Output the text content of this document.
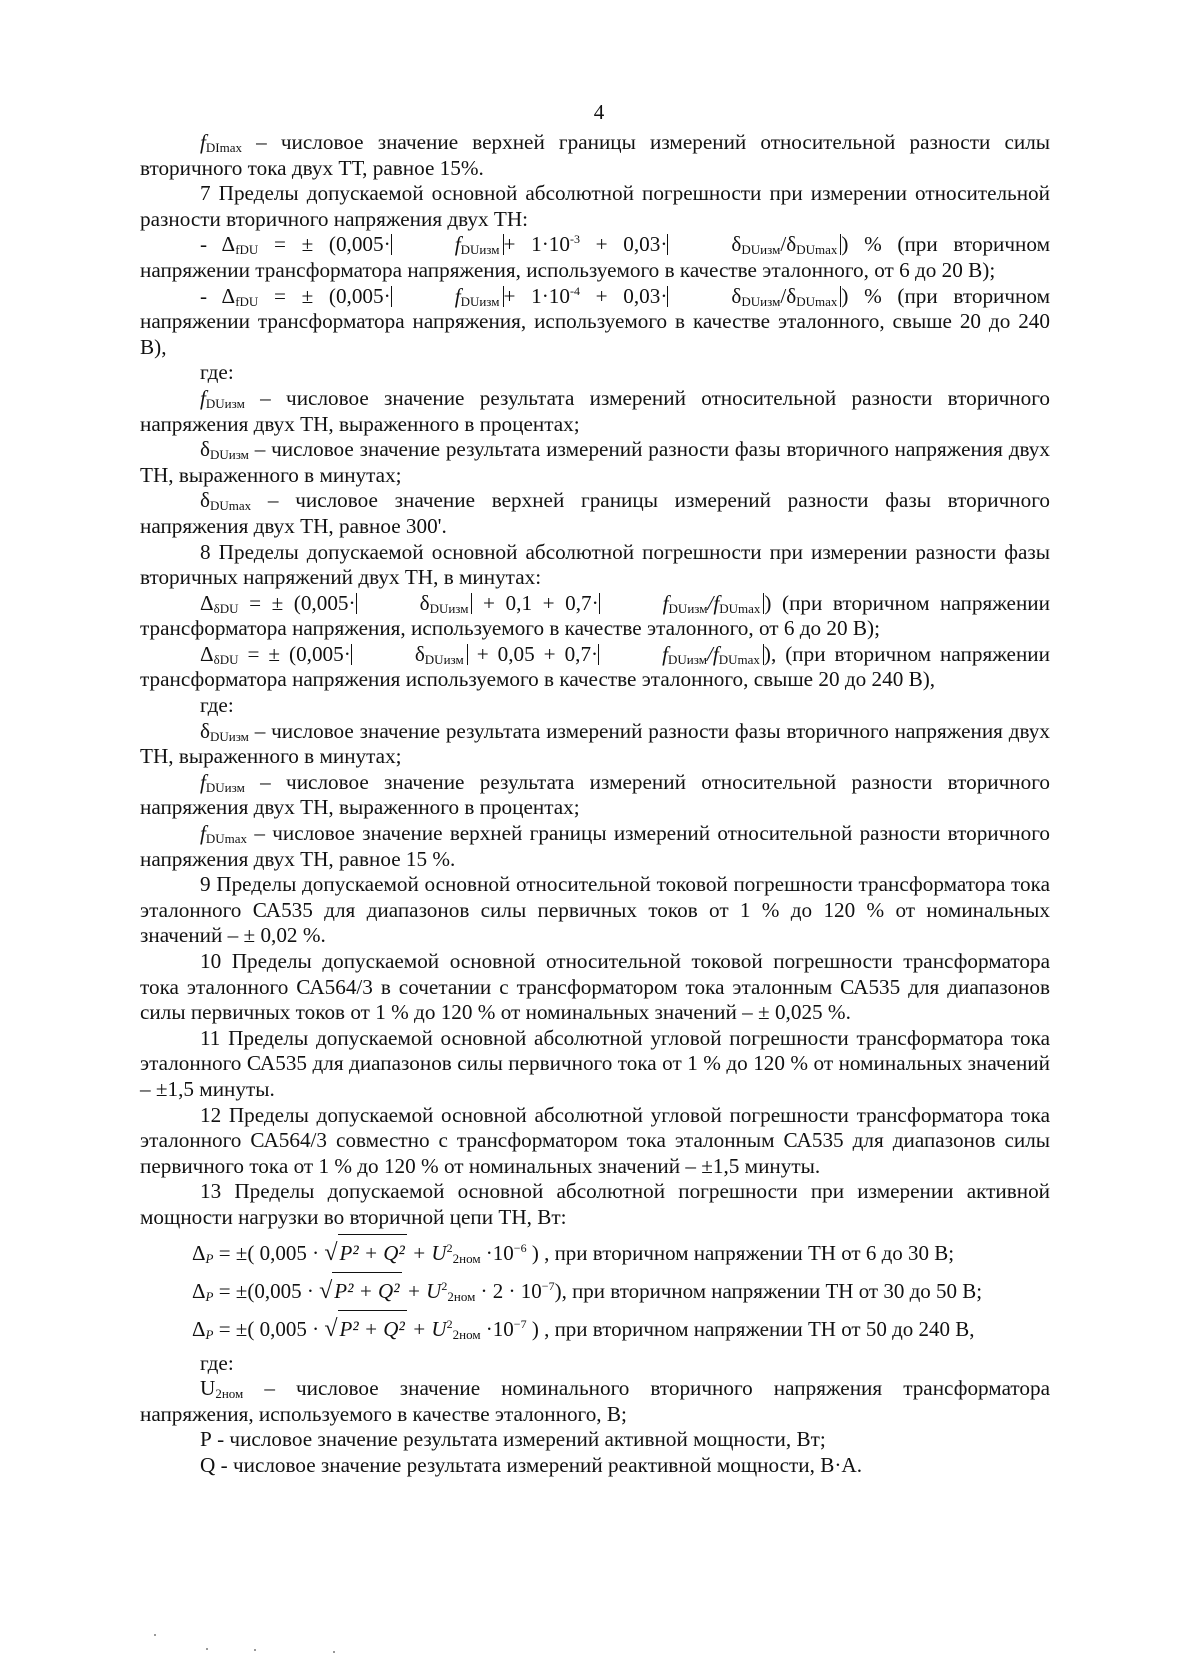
4

$f_{DImax}$ – числовое значение верхней границы измерений относительной разности силы вторичного тока двух ТТ, равное 15%.

7 Пределы допускаемой основной абсолютной погрешности при измерении относительной разности вторичного напряжения двух ТН:

- $\Delta_{fDU}$ = ± (0,005·	$f_{DUизм} + 1\cdot 10^{-3} + 0,03\cdot$	$\delta_{DUизм}/\delta_{DUmax}$ ) % (при вторичном напряжении трансформатора напряжения, используемого в качестве эталонного, от 6 до 20 В);

- $\Delta_{fDU}$ = ± (0,005·	$f_{DUизм} + 1\cdot 10^{-4} + 0,03\cdot$	$\delta_{DUизм}/\delta_{DUmax}$ ) % (при вторичном напряжении трансформатора напряжения, используемого в качестве эталонного, свыше 20 до 240 В),

где:

$f_{DUизм}$ – числовое значение результата измерений относительной разности вторичного напряжения двух ТН, выраженного в процентах;

$\delta_{DUизм}$ – числовое значение результата измерений разности фазы вторичного напряжения двух ТН, выраженного в минутах;

$\delta_{DUmax}$ – числовое значение верхней границы измерений разности фазы вторичного напряжения двух ТН, равное 300'.

8 Пределы допускаемой основной абсолютной погрешности при измерении разности фазы вторичных напряжений двух ТН, в минутах:

$\Delta_{\delta DU}$ = ± (0,005·	$\delta_{DUизм} + 0,1 + 0,7\cdot$	$f_{DUизм}/f_{DUmax}$ ) (при вторичном напряжении трансформатора напряжения, используемого в качестве эталонного, от 6 до 20 В);

$\Delta_{\delta DU}$ = ± (0,005·	$\delta_{DUизм} + 0,05 + 0,7\cdot$	$f_{DUизм}/f_{DUmax}$ ), (при вторичном напряжении трансформатора напряжения используемого в качестве эталонного, свыше 20 до 240 В),

где:

$\delta_{DUизм}$ – числовое значение результата измерений разности фазы вторичного напряжения двух ТН, выраженного в минутах;

$f_{DUизм}$ – числовое значение результата измерений относительной разности вторичного напряжения двух ТН, выраженного в процентах;

$f_{DUmax}$ – числовое значение верхней границы измерений относительной разности вторичного напряжения двух ТН, равное 15 %.

9 Пределы допускаемой основной относительной токовой погрешности трансформатора тока эталонного СА535 для диапазонов силы первичных токов от 1 % до 120 % от номинальных значений – ± 0,02 %.

10 Пределы допускаемой основной относительной токовой погрешности трансформатора тока эталонного СА564/3 в сочетании с трансформатором тока эталонным СА535 для диапазонов силы первичных токов от 1 % до 120 % от номинальных значений – ± 0,025 %.

11 Пределы допускаемой основной абсолютной угловой погрешности трансформатора тока эталонного СА535 для диапазонов силы первичного тока от 1 % до 120 % от номинальных значений – ±1,5 минуты.

12 Пределы допускаемой основной абсолютной угловой погрешности трансформатора тока эталонного СА564/3 совместно с трансформатором тока эталонным СА535 для диапазонов силы первичного тока от 1 % до 120 % от номинальных значений – ±1,5 минуты.

13 Пределы допускаемой основной абсолютной погрешности при измерении активной мощности нагрузки во вторичной цепи ТН, Вт:

$\Delta_P$ = ±( $0,005 \cdot √P^2 + Q^2 + U^2_{2ном} \cdot 10^{-6}$ ) , при вторичном напряжении ТН от 6 до 30 В;
$\Delta_P = \pm(0,005 \cdot √P^2 + Q^2 + U^2_{2ном} \cdot 2 \cdot 10^{-7})$, при вторичном напряжении ТН от 30 до 50 В;
$\Delta_P$ = ±( $0,005 \cdot √P^2 + Q^2 + U^2_{2ном} \cdot 10^{-7}$ ) , при вторичном напряжении ТН от 50 до 240 В,

где:

$U_{2ном}$ – числовое значение номинального вторичного напряжения трансформатора напряжения, используемого в качестве эталонного, В;

Р - числовое значение результата измерений активной мощности, Вт;

Q - числовое значение результата измерений реактивной мощности, В·А.
